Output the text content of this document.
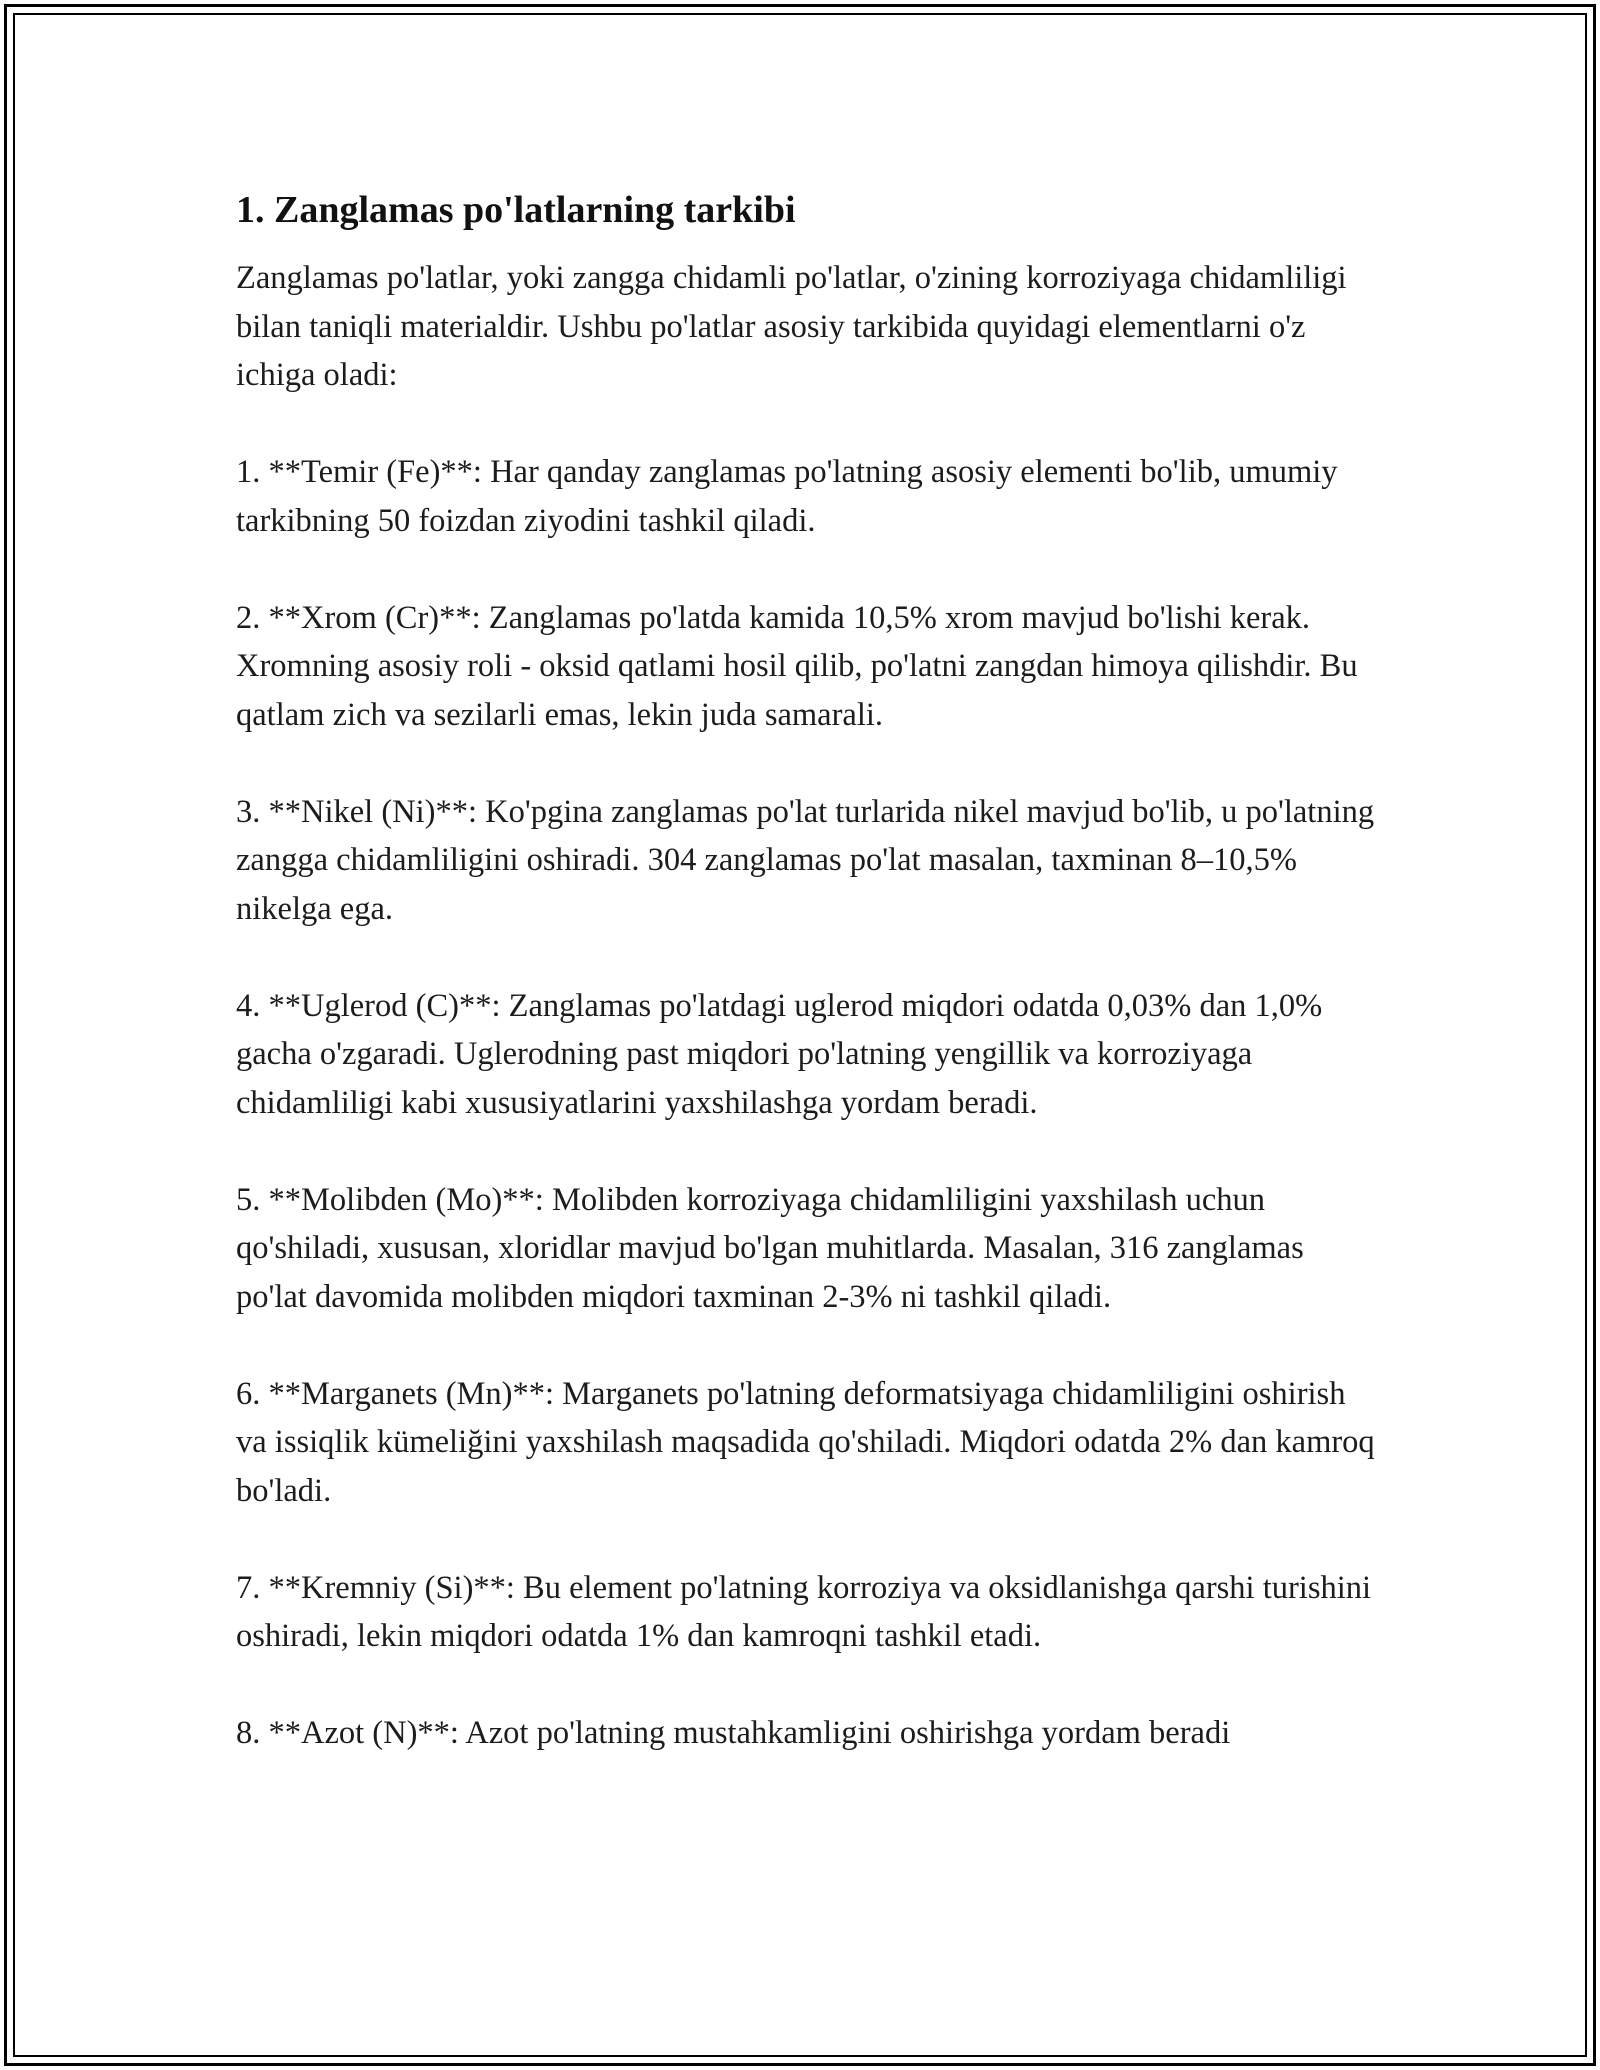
1. Zanglamas po'latlarning tarkibi

Zanglamas po'latlar, yoki zangga chidamli po'latlar, o'zining korroziyaga chidamliligi bilan taniqli materialdir. Ushbu po'latlar asosiy tarkibida quyidagi elementlarni o'z ichiga oladi:

1. **Temir (Fe)**: Har qanday zanglamas po'latning asosiy elementi bo'lib, umumiy tarkibning 50 foizdan ziyodini tashkil qiladi.

2. **Xrom (Cr)**: Zanglamas po'latda kamida 10,5% xrom mavjud bo'lishi kerak. Xromning asosiy roli - oksid qatlami hosil qilib, po'latni zangdan himoya qilishdir. Bu qatlam zich va sezilarli emas, lekin juda samarali.

3. **Nikel (Ni)**: Ko'pgina zanglamas po'lat turlarida nikel mavjud bo'lib, u po'latning zangga chidamliligini oshiradi. 304 zanglamas po'lat masalan, taxminan 8–10,5% nikelga ega.

4. **Uglerod (C)**: Zanglamas po'latdagi uglerod miqdori odatda 0,03% dan 1,0% gacha o'zgaradi. Uglerodning past miqdori po'latning yengillik va korroziyaga chidamliligi kabi xususiyatlarini yaxshilashga yordam beradi.

5. **Molibden (Mo)**: Molibden korroziyaga chidamliligini yaxshilash uchun qo'shiladi, xususan, xloridlar mavjud bo'lgan muhitlarda. Masalan, 316 zanglamas po'lat davomida molibden miqdori taxminan 2-3% ni tashkil qiladi.

6. **Marganets (Mn)**: Marganets po'latning deformatsiyaga chidamliligini oshirish va issiqlik kümeliğini yaxshilash maqsadida qo'shiladi. Miqdori odatda 2% dan kamroq bo'ladi.

7. **Kremniy (Si)**: Bu element po'latning korroziya va oksidlanishga qarshi turishini oshiradi, lekin miqdori odatda 1% dan kamroqni tashkil etadi.

8. **Azot (N)**: Azot po'latning mustahkamligini oshirishga yordam beradi
